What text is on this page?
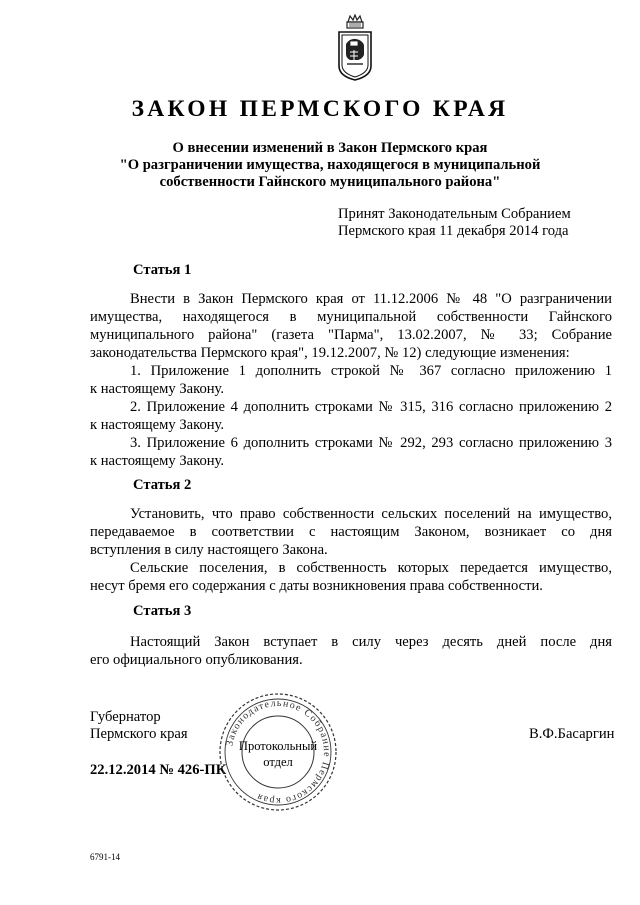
ЗАКОН ПЕРМСКОГО КРАЯ
О внесении изменений в Закон Пермского края
"О разграничении имущества, находящегося в муниципальной
собственности Гайнского муниципального района"
Принят Законодательным Собранием
Пермского края 11 декабря 2014 года
Статья 1
Внести в Закон Пермского края от 11.12.2006 № 48 "О разграничении
имущества, находящегося в муниципальной собственности Гайнского
муниципального района" (газета "Парма", 13.02.2007, № 33; Собрание
законодательства Пермского края", 19.12.2007, № 12) следующие изменения:
1. Приложение 1 дополнить строкой № 367 согласно приложению 1
к настоящему Закону.
2. Приложение 4 дополнить строками № 315, 316 согласно приложению 2
к настоящему Закону.
3. Приложение 6 дополнить строками № 292, 293 согласно приложению 3
к настоящему Закону.
Статья 2
Установить, что право собственности сельских поселений на имущество,
передаваемое в соответствии с настоящим Законом, возникает со дня
вступления в силу настоящего Закона.
Сельские поселения, в собственность которых передается имущество,
несут бремя его содержания с даты возникновения права собственности.
Статья 3
Настоящий Закон вступает в силу через десять дней после дня
его официального опубликования.
Губернатор
Пермского края	В.Ф.Басаргин
22.12.2014 № 426-ПК
Законодательное Собрание Пермского края
Протокольный
отдел
6791-14
